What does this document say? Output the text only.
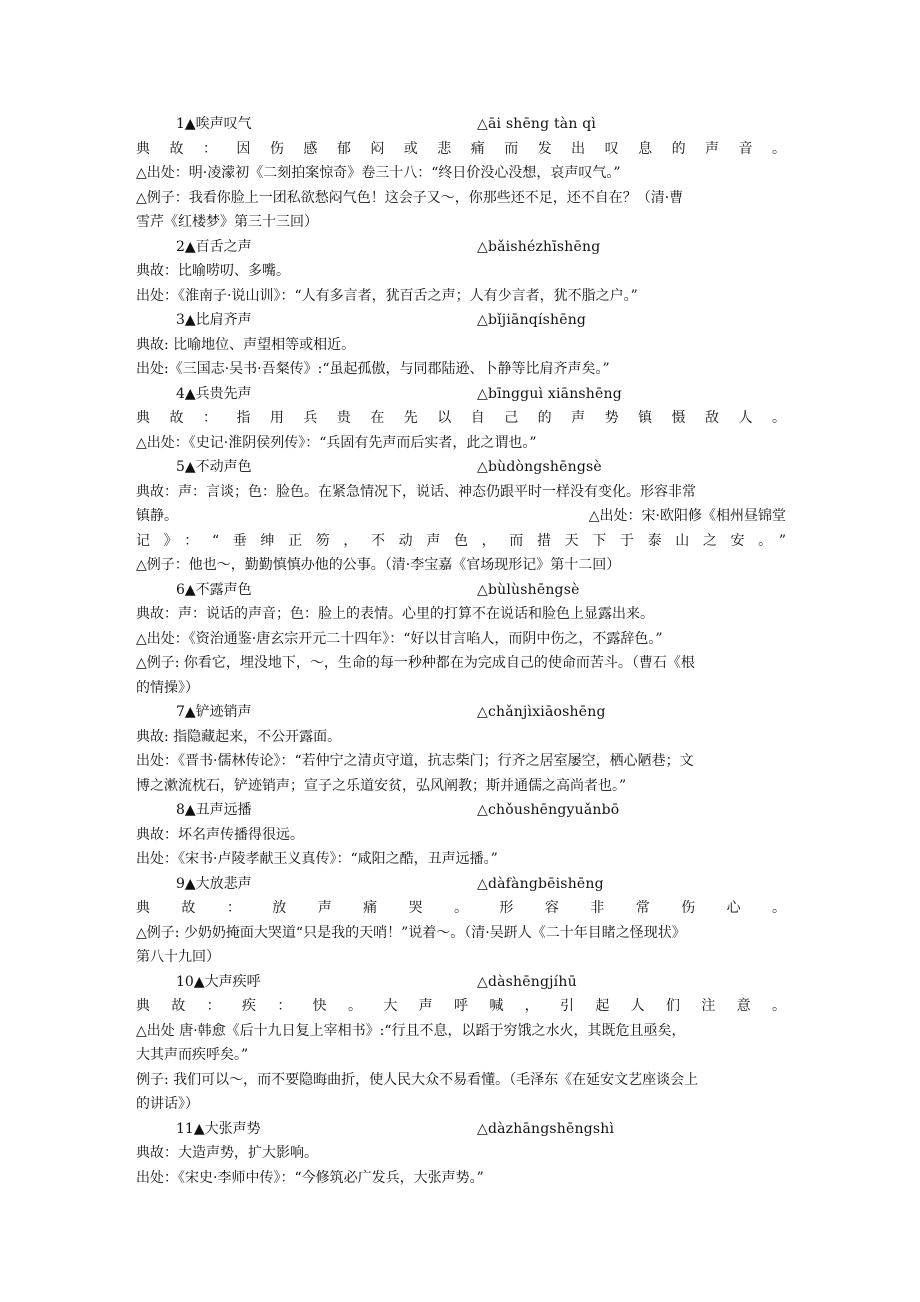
1▲唉声叹气	△āi shēng tàn qì
典故：因伤感郁闷或悲痛而发出叹息的声音。
△出处：明·凌濛初《二刻拍案惊奇》卷三十八：“终日价没心没想，哀声叹气。”
△例子：我看你脸上一团私欲愁闷气色！这会子又～，你那些还不足，还不自在？（清·曹
雪芹《红楼梦》第三十三回）
2▲百舌之声	△bǎishézhīshēng
典故：比喻唠叨、多嘴。
出处：《淮南子·说山训》：“人有多言者，犹百舌之声；人有少言者，犹不脂之户。”
3▲比肩齐声	△bǐjiānqíshēng
典故: 比喻地位、声望相等或相近。
出处:《三国志·吴书·吾粲传》:“虽起孤傲，与同郡陆逊、卜静等比肩齐声矣。”
4▲兵贵先声	△bīngguì xiānshēng
典故：指用兵贵在先以自己的声势镇慑敌人。
△出处：《史记·淮阴侯列传》：“兵固有先声而后实者，此之谓也。”
5▲不动声色	△bùdòngshēngsè
典故：声：言谈；色：脸色。在紧急情况下，说话、神态仍跟平时一样没有变化。形容非常
镇静。	△出处：宋·欧阳修《相州昼锦堂
记》：“垂绅正笏，不动声色，而措天下于泰山之安。”
△例子：他也～，勤勤慎慎办他的公事。（清·李宝嘉《官场现形记》第十二回）
6▲不露声色	△bùlùshēngsè
典故：声：说话的声音；色：脸上的表情。心里的打算不在说话和脸色上显露出来。
△出处：《资治通鉴·唐玄宗开元二十四年》：“好以甘言啗人，而阴中伤之，不露辞色。”
△例子: 你看它，埋没地下，～，生命的每一秒种都在为完成自己的使命而苦斗。（曹石《根
的情操》）
7▲铲迹销声	△chǎnjìxiāoshēng
典故: 指隐藏起来，不公开露面。
出处：《晋书·儒林传论》：“若仲宁之清贞守道，抗志柴门；行齐之居室屡空，栖心陋巷；文
博之漱流枕石，铲迹销声；宣子之乐道安贫，弘风阐教；斯并通儒之高尚者也。”
8▲丑声远播	△chǒushēngyuǎnbō
典故：坏名声传播得很远。
出处：《宋书·卢陵孝献王义真传》：“咸阳之酷，丑声远播。”
9▲大放悲声	△dàfàngbēishēng
典故：放声痛哭。形容非常伤心。
△例子: 少奶奶掩面大哭道“只是我的天哨！”说着～。（清·吴趼人《二十年目睹之怪现状》
第八十九回）
10▲大声疾呼	△dàshēngjíhū
典故：疾：快。大声呼喊，引起人们注意。
△出处 唐·韩愈《后十九日复上宰相书》:“行且不息，以蹈于穷饿之水火，其既危且亟矣，
大其声而疾呼矣。”
例子: 我们可以～，而不要隐晦曲折，使人民大众不易看懂。（毛泽东《在延安文艺座谈会上
的讲话》）
11▲大张声势	△dàzhāngshēngshì
典故：大造声势，扩大影响。
出处：《宋史·李师中传》：“今修筑必广发兵，大张声势。”
